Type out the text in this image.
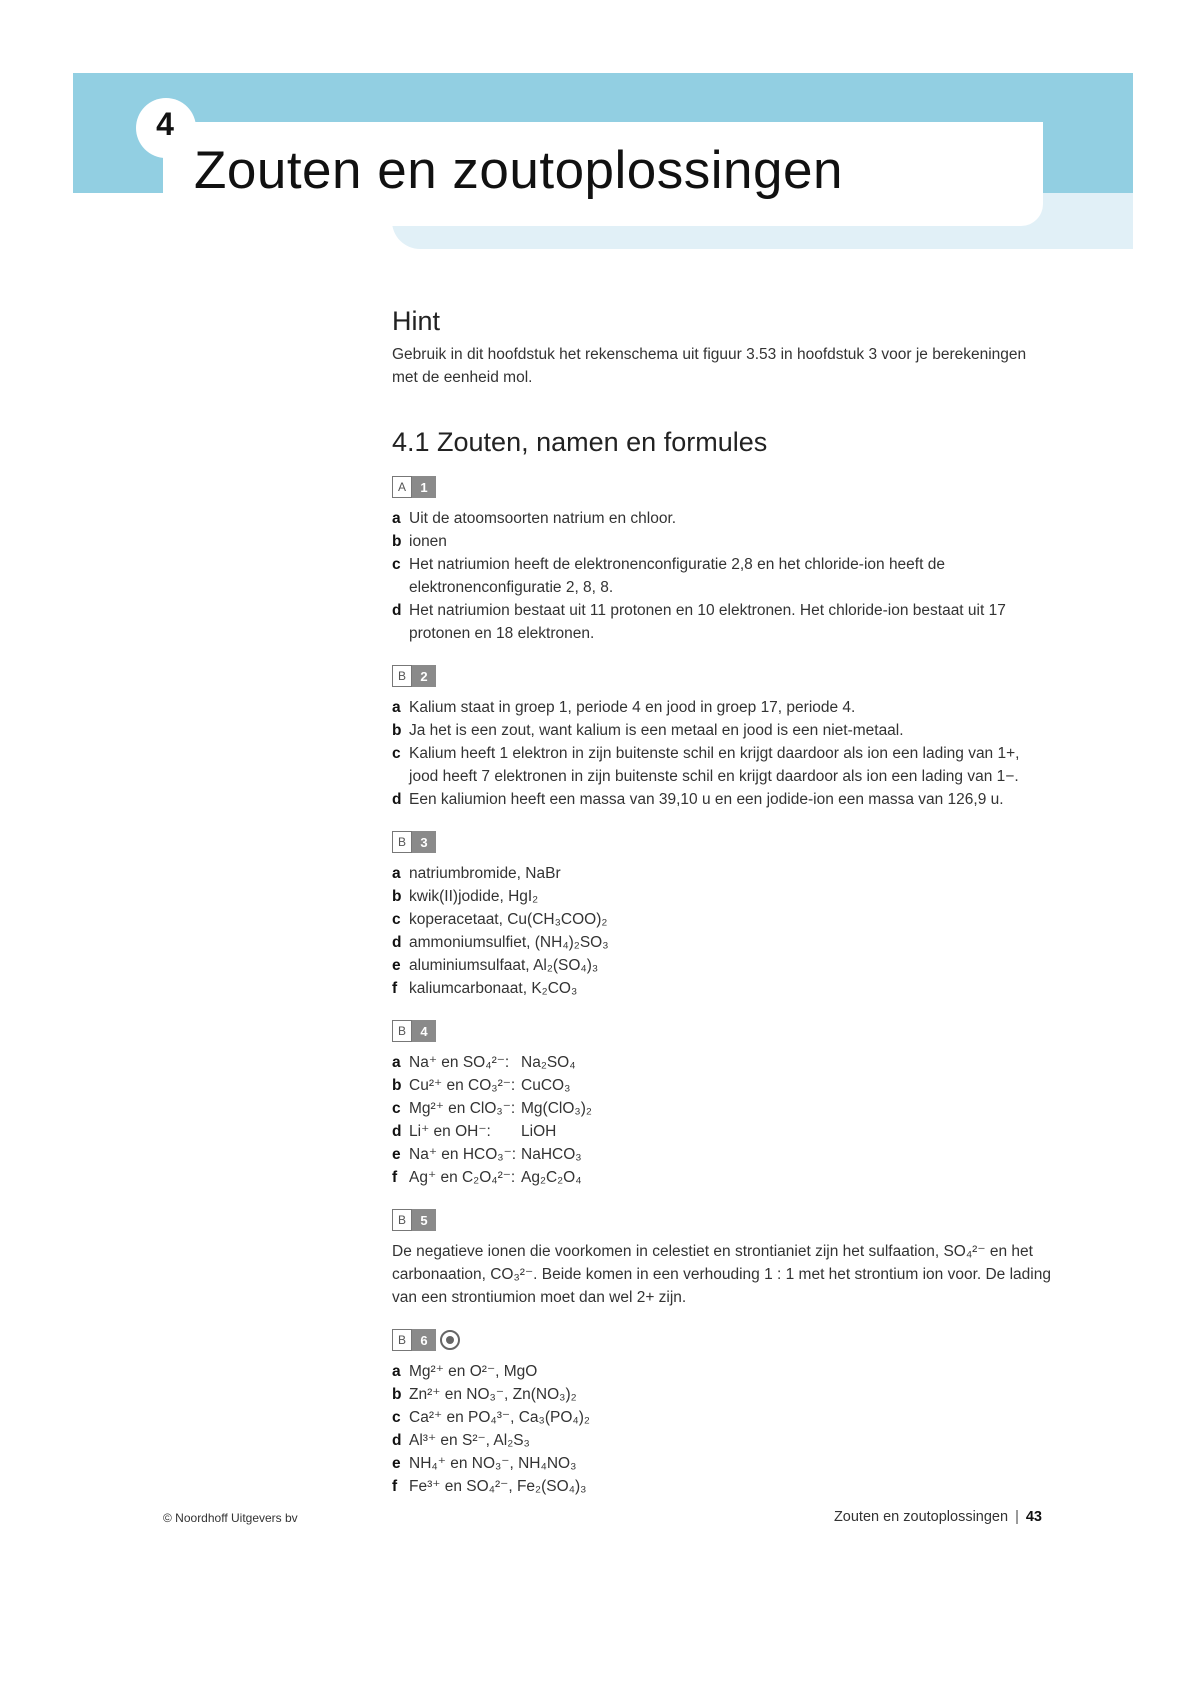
4
Zouten en zoutoplossingen
Hint

Gebruik in dit hoofdstuk het rekenschema uit figuur 3.53 in hoofdstuk 3 voor je berekeningen met de eenheid mol.

4.1 Zouten, namen en formules
A	1
a Uit de atoomsoorten natrium en chloor.
b ionen
c Het natriumion heeft de elektronenconfiguratie 2,8 en het chloride-ion heeft de elektronenconfiguratie 2, 8, 8.
d Het natriumion bestaat uit 11 protonen en 10 elektronen. Het chloride-ion bestaat uit 17 protonen en 18 elektronen.
B	2
a Kalium staat in groep 1, periode 4 en jood in groep 17, periode 4.
b Ja het is een zout, want kalium is een metaal en jood is een niet-metaal.
c Kalium heeft 1 elektron in zijn buitenste schil en krijgt daardoor als ion een lading van 1+, jood heeft 7 elektronen in zijn buitenste schil en krijgt daardoor als ion een lading van 1−.
d Een kaliumion heeft een massa van 39,10 u en een jodide-ion een massa van 126,9 u.
B	3
a natriumbromide, NaBr
b kwik(II)jodide, HgI₂
c koperacetaat, Cu(CH₃COO)₂
d ammoniumsulfiet, (NH₄)₂SO₃
e aluminiumsulfaat, Al₂(SO₄)₃
f kaliumcarbonaat, K₂CO₃
B	4
a Na⁺ en SO₄²⁻: Na₂SO₄
b Cu²⁺ en CO₃²⁻: CuCO₃
c Mg²⁺ en ClO₃⁻: Mg(ClO₃)₂
d Li⁺ en OH⁻: LiOH
e Na⁺ en HCO₃⁻: NaHCO₃
f Ag⁺ en C₂O₄²⁻: Ag₂C₂O₄
B	5

De negatieve ionen die voorkomen in celestiet en strontianiet zijn het sulfaation, SO₄²⁻ en het carbonaation, CO₃²⁻. Beide komen in een verhouding 1 : 1 met het strontium ion voor. De lading van een strontiumion moet dan wel 2+ zijn.

B	6
a Mg²⁺ en O²⁻, MgO
b Zn²⁺ en NO₃⁻, Zn(NO₃)₂
c Ca²⁺ en PO₄³⁻, Ca₃(PO₄)₂
d Al³⁺ en S²⁻, Al₂S₃
e NH₄⁺ en NO₃⁻, NH₄NO₃
f Fe³⁺ en SO₄²⁻, Fe₂(SO₄)₃
© Noordhoff Uitgevers bv	Zouten en zoutoplossingen | 43
